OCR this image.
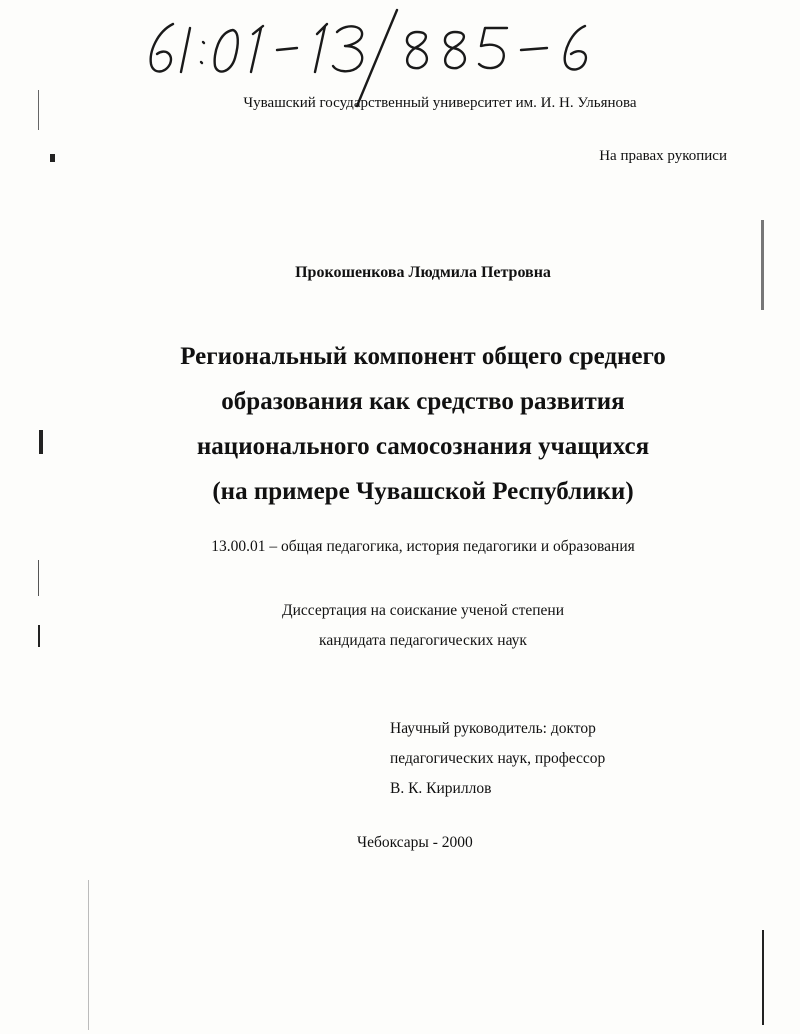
Чувашский государственный университет им. И. Н. Ульянова
На правах рукописи
Прокошенкова Людмила Петровна
Региональный компонент общего среднего
образования как средство развития
национального самосознания учащихся
(на примере Чувашской Республики)
13.00.01 – общая педагогика, история педагогики и образования
Диссертация на соискание ученой степени
кандидата педагогических наук
Научный руководитель: доктор
педагогических наук, профессор
В. К. Кириллов
Чебоксары - 2000
